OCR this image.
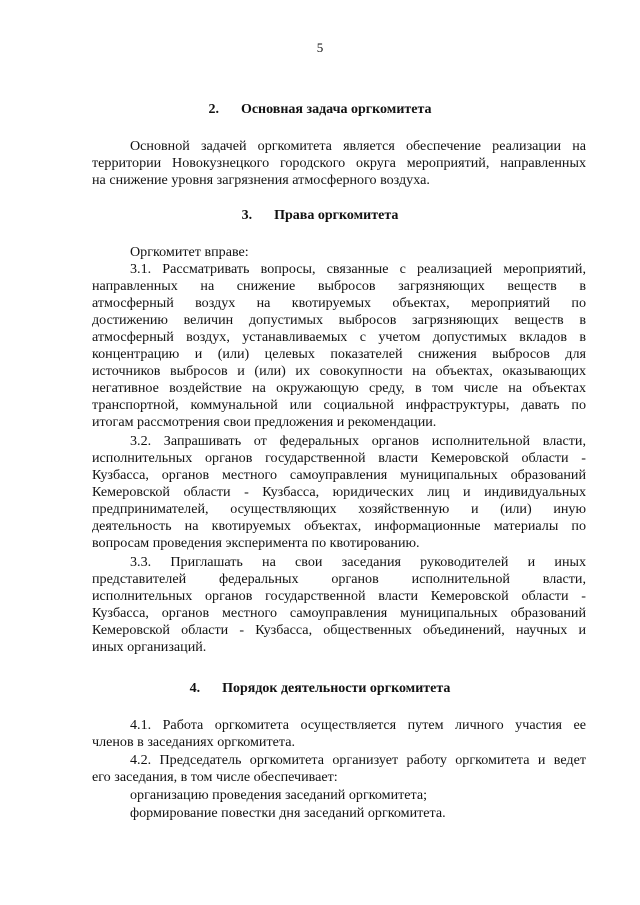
5
2. Основная задача оргкомитета
Основной задачей оргкомитета является обеспечение реализации на
территории Новокузнецкого городского округа мероприятий, направленных
на снижение уровня загрязнения атмосферного воздуха.
3. Права оргкомитета
Оргкомитет вправе:
3.1. Рассматривать вопросы, связанные с реализацией мероприятий,
направленных на снижение выбросов загрязняющих веществ в
атмосферный воздух на квотируемых объектах, мероприятий по
достижению величин допустимых выбросов загрязняющих веществ в
атмосферный воздух, устанавливаемых с учетом допустимых вкладов в
концентрацию и (или) целевых показателей снижения выбросов для
источников выбросов и (или) их совокупности на объектах, оказывающих
негативное воздействие на окружающую среду, в том числе на объектах
транспортной, коммунальной или социальной инфраструктуры, давать по
итогам рассмотрения свои предложения и рекомендации.
3.2. Запрашивать от федеральных органов исполнительной власти,
исполнительных органов государственной власти Кемеровской области -
Кузбасса, органов местного самоуправления муниципальных образований
Кемеровской области - Кузбасса, юридических лиц и индивидуальных
предпринимателей, осуществляющих хозяйственную и (или) иную
деятельность на квотируемых объектах, информационные материалы по
вопросам проведения эксперимента по квотированию.
3.3. Приглашать на свои заседания руководителей и иных
представителей федеральных органов исполнительной власти,
исполнительных органов государственной власти Кемеровской области -
Кузбасса, органов местного самоуправления муниципальных образований
Кемеровской области - Кузбасса, общественных объединений, научных и
иных организаций.
4. Порядок деятельности оргкомитета
4.1. Работа оргкомитета осуществляется путем личного участия ее
членов в заседаниях оргкомитета.
4.2. Председатель оргкомитета организует работу оргкомитета и ведет
его заседания, в том числе обеспечивает:
организацию проведения заседаний оргкомитета;
формирование повестки дня заседаний оргкомитета.
